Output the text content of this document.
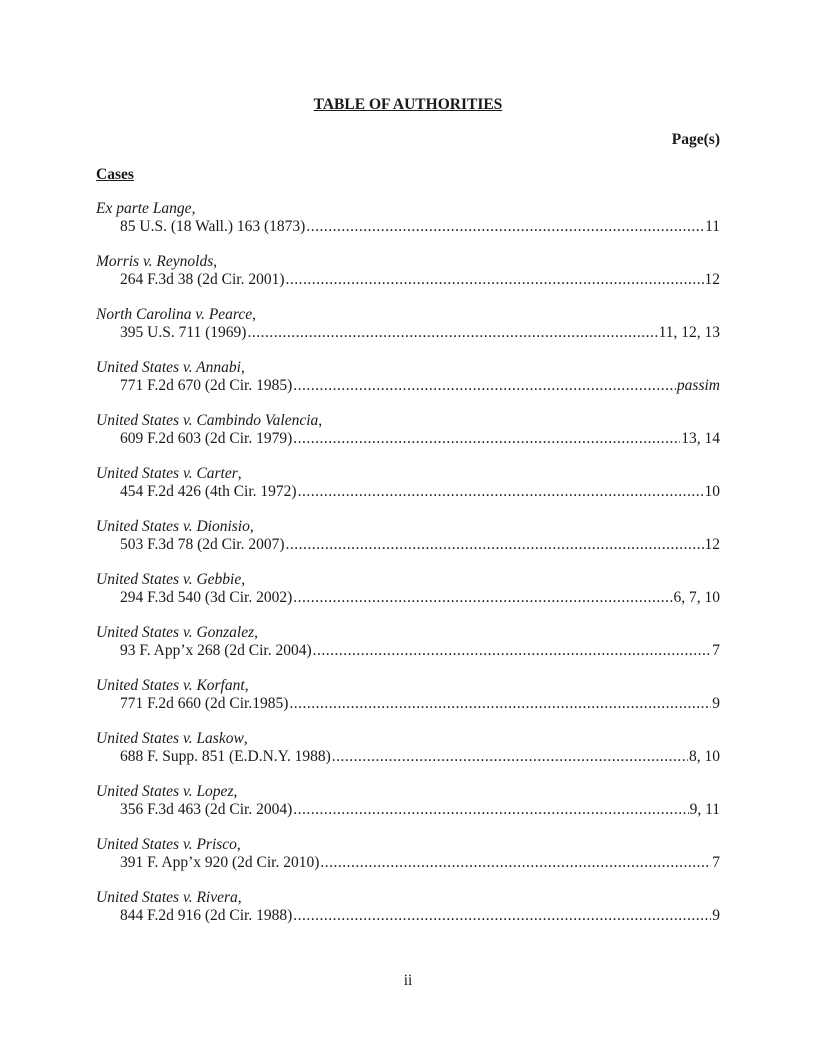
TABLE OF AUTHORITIES
Page(s)
Cases
Ex parte Lange,
85 U.S. (18 Wall.) 163 (1873) .....	11
Morris v. Reynolds,
264 F.3d 38 (2d Cir. 2001) .....	12
North Carolina v. Pearce,
395 U.S. 711 (1969) .....	11, 12, 13
United States v. Annabi,
771 F.2d 670 (2d Cir. 1985) .....	passim
United States v. Cambindo Valencia,
609 F.2d 603 (2d Cir. 1979) .....	13, 14
United States v. Carter,
454 F.2d 426 (4th Cir. 1972) .....	10
United States v. Dionisio,
503 F.3d 78 (2d Cir. 2007) .....	12
United States v. Gebbie,
294 F.3d 540 (3d Cir. 2002) .....	6, 7, 10
United States v. Gonzalez,
93 F. App’x 268 (2d Cir. 2004) .....	7
United States v. Korfant,
771 F.2d 660 (2d Cir.1985) .....	9
United States v. Laskow,
688 F. Supp. 851 (E.D.N.Y. 1988) .....	8, 10
United States v. Lopez,
356 F.3d 463 (2d Cir. 2004) .....	9, 11
United States v. Prisco,
391 F. App’x 920 (2d Cir. 2010) .....	7
United States v. Rivera,
844 F.2d 916 (2d Cir. 1988) .....	9
ii
